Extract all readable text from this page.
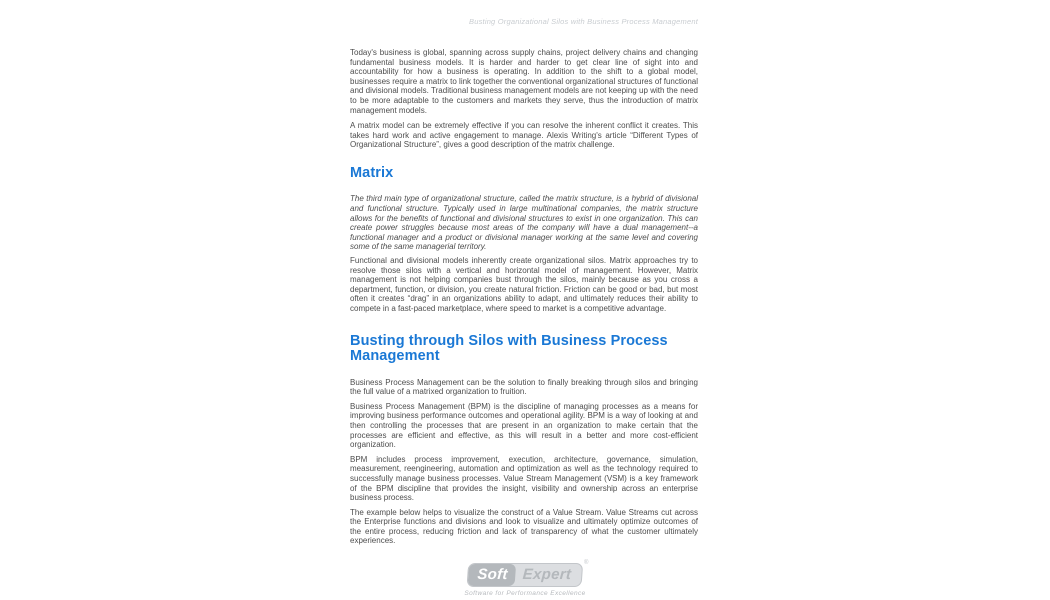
Busting Organizational Silos with Business Process Management

Today's business is global, spanning across supply chains, project delivery chains and changing fundamental business models. It is harder and harder to get clear line of sight into and accountability for how a business is operating. In addition to the shift to a global model, businesses require a matrix to link together the conventional organizational structures of functional and divisional models. Traditional business management models are not keeping up with the need to be more adaptable to the customers and markets they serve, thus the introduction of matrix management models.

A matrix model can be extremely effective if you can resolve the inherent conflict it creates. This takes hard work and active engagement to manage. Alexis Writing's article “Different Types of Organizational Structure”, gives a good description of the matrix challenge.

Matrix

The third main type of organizational structure, called the matrix structure, is a hybrid of divisional and functional structure. Typically used in large multinational companies, the matrix structure allows for the benefits of functional and divisional structures to exist in one organization. This can create power struggles because most areas of the company will have a dual management--a functional manager and a product or divisional manager working at the same level and covering some of the same managerial territory.

Functional and divisional models inherently create organizational silos. Matrix approaches try to resolve those silos with a vertical and horizontal model of management. However, Matrix management is not helping companies bust through the silos, mainly because as you cross a department, function, or division, you create natural friction. Friction can be good or bad, but most often it creates “drag” in an organizations ability to adapt, and ultimately reduces their ability to compete in a fast-paced marketplace, where speed to market is a competitive advantage.

Busting through Silos with Business Process Management

Business Process Management can be the solution to finally breaking through silos and bringing the full value of a matrixed organization to fruition.

Business Process Management (BPM) is the discipline of managing processes as a means for improving business performance outcomes and operational agility. BPM is a way of looking at and then controlling the processes that are present in an organization to make certain that the processes are efficient and effective, as this will result in a better and more cost-efficient organization.

BPM includes process improvement, execution, architecture, governance, simulation, measurement, reengineering, automation and optimization as well as the technology required to successfully manage business processes. Value Stream Management (VSM) is a key framework of the BPM discipline that provides the insight, visibility and ownership across an enterprise business process.

The example below helps to visualize the construct of a Value Stream. Value Streams cut across the Enterprise functions and divisions and look to visualize and ultimately optimize outcomes of the entire process, reducing friction and lack of transparency of what the customer ultimately experiences.

Soft Expert
®
Software for Performance Excellence
